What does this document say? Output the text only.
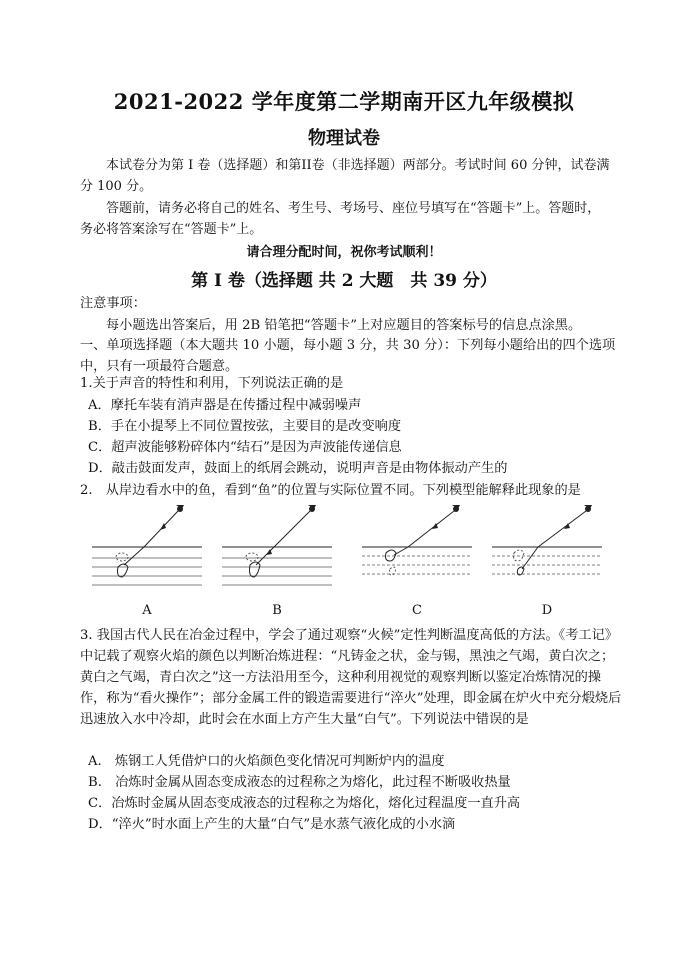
2021-2022 学年度第二学期南开区九年级模拟
物理试卷
本试卷分为第 I 卷（选择题）和第II卷（非选择题）两部分。考试时间 60 分钟，试卷满分 100 分。
答题前，请务必将自己的姓名、考生号、考场号、座位号填写在“答题卡”上。答题时，务必将答案涂写在“答题卡”上。
请合理分配时间，祝你考试顺利！
第 I 卷（选择题 共 2 大题　共 39 分）
注意事项：
每小题选出答案后，用 2B 铅笔把“答题卡”上对应题目的答案标号的信息点涂黑。
一、单项选择题（本大题共 10 小题，每小题 3 分，共 30 分）：下列每小题给出的四个选项中，只有一项最符合题意。
1.关于声音的特性和利用，下列说法正确的是
A．摩托车装有消声器是在传播过程中减弱噪声
B．手在小提琴上不同位置按弦，主要目的是改变响度
C．超声波能够粉碎体内“结石”是因为声波能传递信息
D．敲击鼓面发声，鼓面上的纸屑会跳动，说明声音是由物体振动产生的
2.　从岸边看水中的鱼，看到“鱼”的位置与实际位置不同。下列模型能解释此现象的是
A	B	C	D
3. 我国古代人民在冶金过程中，学会了通过观察“火候”定性判断温度高低的方法。《考工记》中记载了观察火焰的颜色以判断冶炼进程：“凡铸金之状，金与锡，黑浊之气竭，黄白次之；黄白之气竭，青白次之”这一方法沿用至今，这种利用视觉的观察判断以鉴定冶炼情况的操作，称为“看火操作”；部分金属工件的锻造需要进行“淬火”处理，即金属在炉火中充分煅烧后迅速放入水中冷却，此时会在水面上方产生大量“白气”。下列说法中错误的是
A.　炼钢工人凭借炉口的火焰颜色变化情况可判断炉内的温度
B.　冶炼时金属从固态变成液态的过程称之为熔化，此过程不断吸收热量
C．冶炼时金属从固态变成液态的过程称之为熔化，熔化过程温度一直升高
D．“淬火”时水面上产生的大量“白气”是水蒸气液化成的小水滴
